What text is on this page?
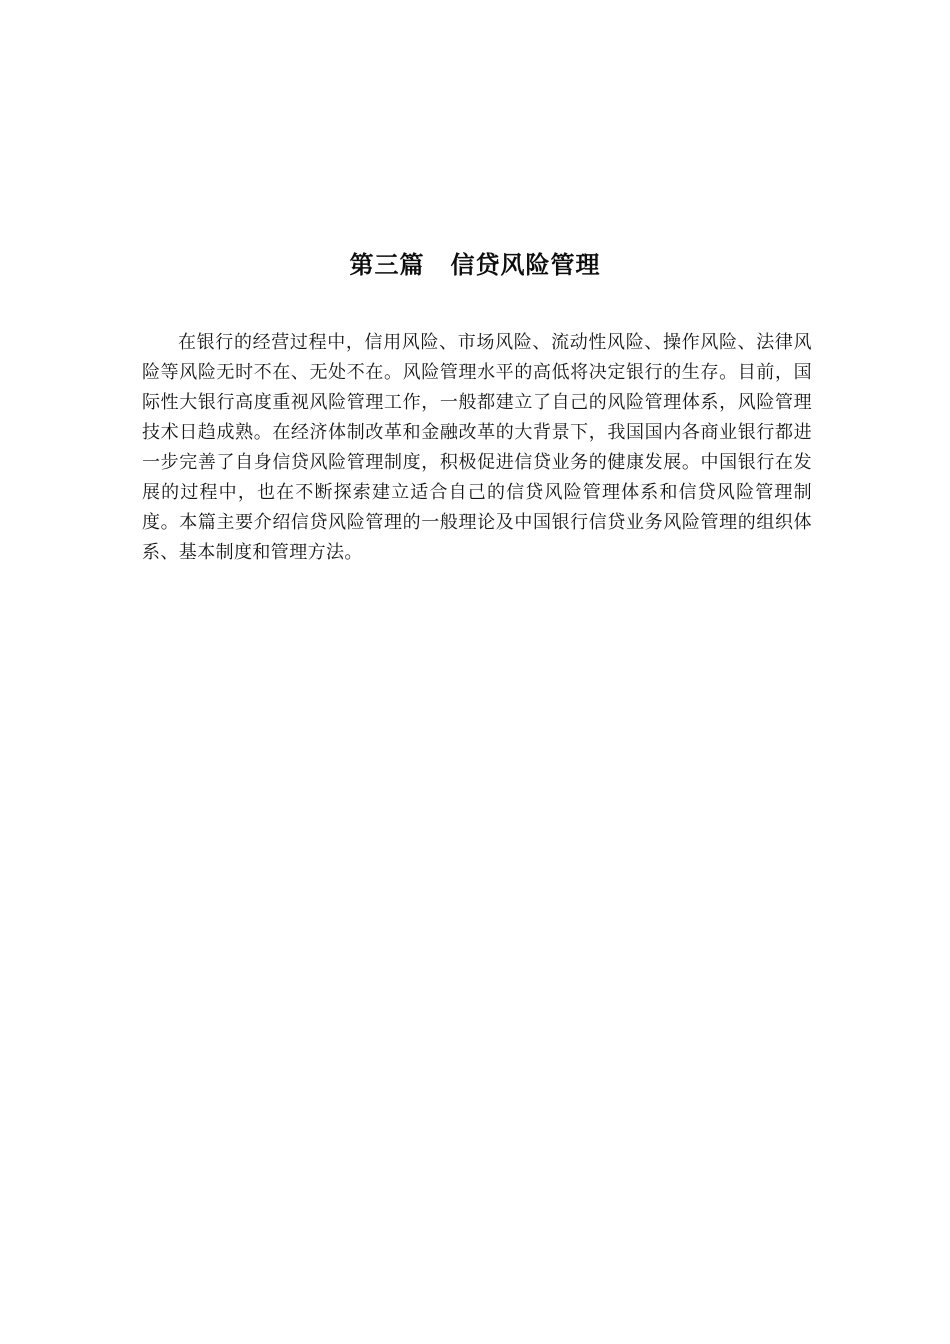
第三篇 信贷风险管理

在银行的经营过程中，信用风险、市场风险、流动性风险、操作风险、法律风险等风险无时不在、无处不在。风险管理水平的高低将决定银行的生存。目前，国际性大银行高度重视风险管理工作，一般都建立了自己的风险管理体系，风险管理技术日趋成熟。在经济体制改革和金融改革的大背景下，我国国内各商业银行都进一步完善了自身信贷风险管理制度，积极促进信贷业务的健康发展。中国银行在发展的过程中，也在不断探索建立适合自己的信贷风险管理体系和信贷风险管理制度。本篇主要介绍信贷风险管理的一般理论及中国银行信贷业务风险管理的组织体系、基本制度和管理方法。
